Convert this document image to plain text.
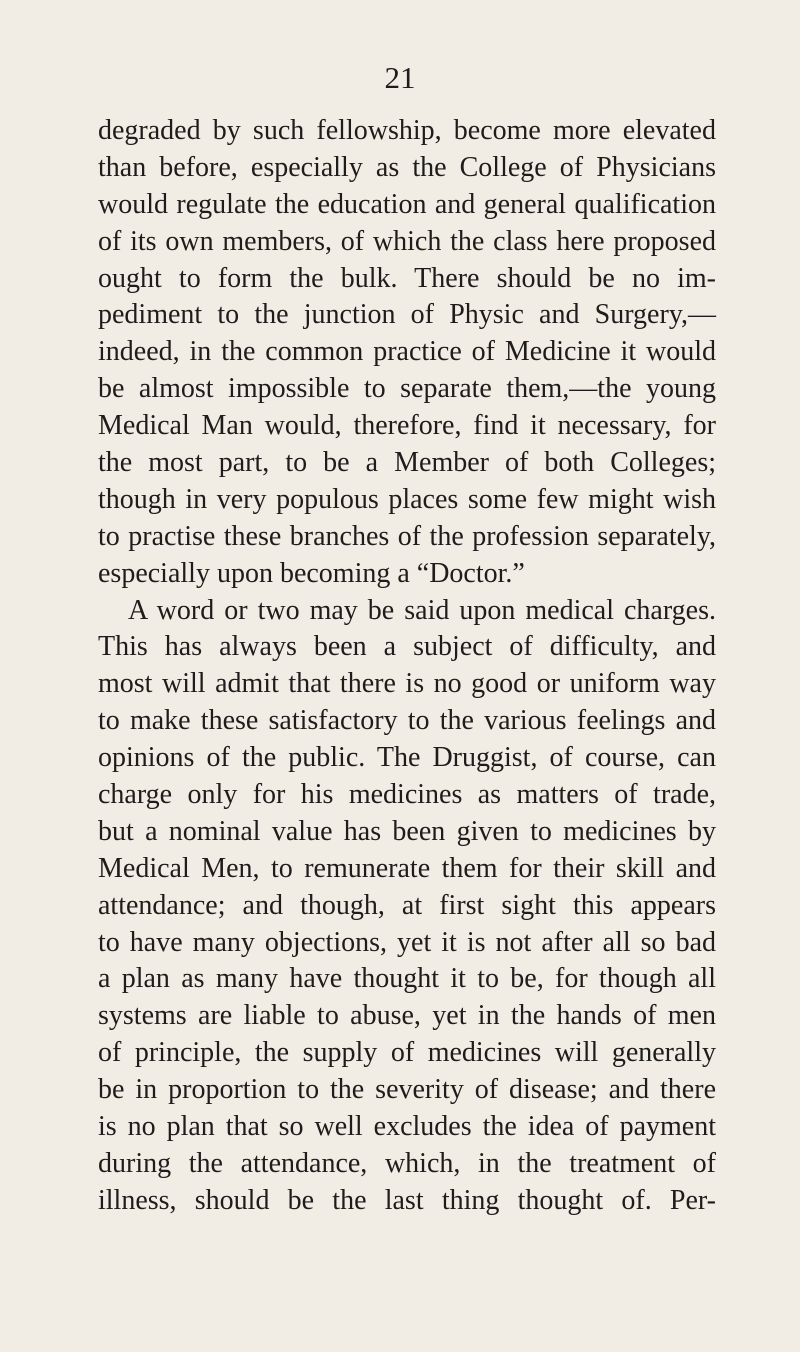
21
degraded by such fellowship, become more elevated
than before, especially as the College of Physicians
would regulate the education and general qualification
of its own members, of which the class here proposed
ought to form the bulk. There should be no im-
pediment to the junction of Physic and Surgery,—
indeed, in the common practice of Medicine it would
be almost impossible to separate them,—the young
Medical Man would, therefore, find it necessary, for
the most part, to be a Member of both Colleges;
though in very populous places some few might wish
to practise these branches of the profession separately,
especially upon becoming a “Doctor.”
A word or two may be said upon medical charges.
This has always been a subject of difficulty, and
most will admit that there is no good or uniform way
to make these satisfactory to the various feelings and
opinions of the public. The Druggist, of course, can
charge only for his medicines as matters of trade,
but a nominal value has been given to medicines by
Medical Men, to remunerate them for their skill and
attendance; and though, at first sight this appears
to have many objections, yet it is not after all so bad
a plan as many have thought it to be, for though all
systems are liable to abuse, yet in the hands of men
of principle, the supply of medicines will generally
be in proportion to the severity of disease; and there
is no plan that so well excludes the idea of payment
during the attendance, which, in the treatment of
illness, should be the last thing thought of. Per-
